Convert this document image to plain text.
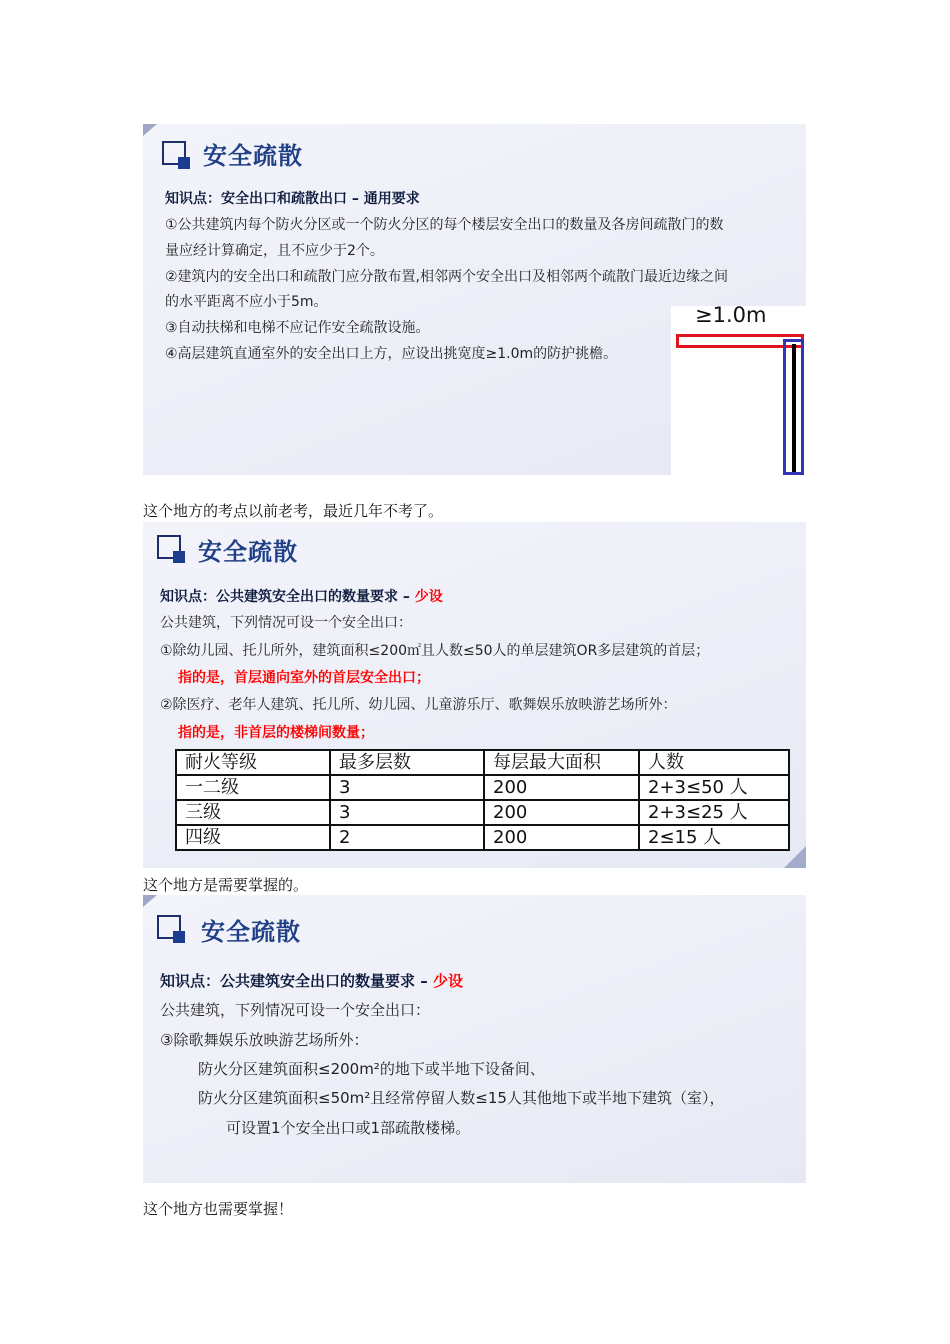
安全疏散
知识点：安全出口和疏散出口 – 通用要求
①公共建筑内每个防火分区或一个防火分区的每个楼层安全出口的数量及各房间疏散门的数
量应经计算确定，且不应少于2个。
②建筑内的安全出口和疏散门应分散布置,相邻两个安全出口及相邻两个疏散门最近边缘之间
的水平距离不应小于5m。
③自动扶梯和电梯不应记作安全疏散设施。
④高层建筑直通室外的安全出口上方，应设出挑宽度≥1.0m的防护挑檐。
≥1.0m
这个地方的考点以前老考，最近几年不考了。
安全疏散
知识点：公共建筑安全出口的数量要求 – 少设
公共建筑，下列情况可设一个安全出口：
①除幼儿园、托儿所外，建筑面积≤200㎡且人数≤50人的单层建筑OR多层建筑的首层；
指的是，首层通向室外的首层安全出口；
②除医疗、老年人建筑、托儿所、幼儿园、儿童游乐厅、歌舞娱乐放映游艺场所外：
指的是，非首层的楼梯间数量；
耐火等级	最多层数	每层最大面积	人数
一二级	3	200	2+3≤50 人
三级	3	200	2+3≤25 人
四级	2	200	2≤15 人
这个地方是需要掌握的。
安全疏散
知识点：公共建筑安全出口的数量要求 – 少设
公共建筑，下列情况可设一个安全出口：
③除歌舞娱乐放映游艺场所外：
防火分区建筑面积≤200m²的地下或半地下设备间、
防火分区建筑面积≤50m²且经常停留人数≤15人其他地下或半地下建筑（室），
可设置1个安全出口或1部疏散楼梯。
这个地方也需要掌握！
